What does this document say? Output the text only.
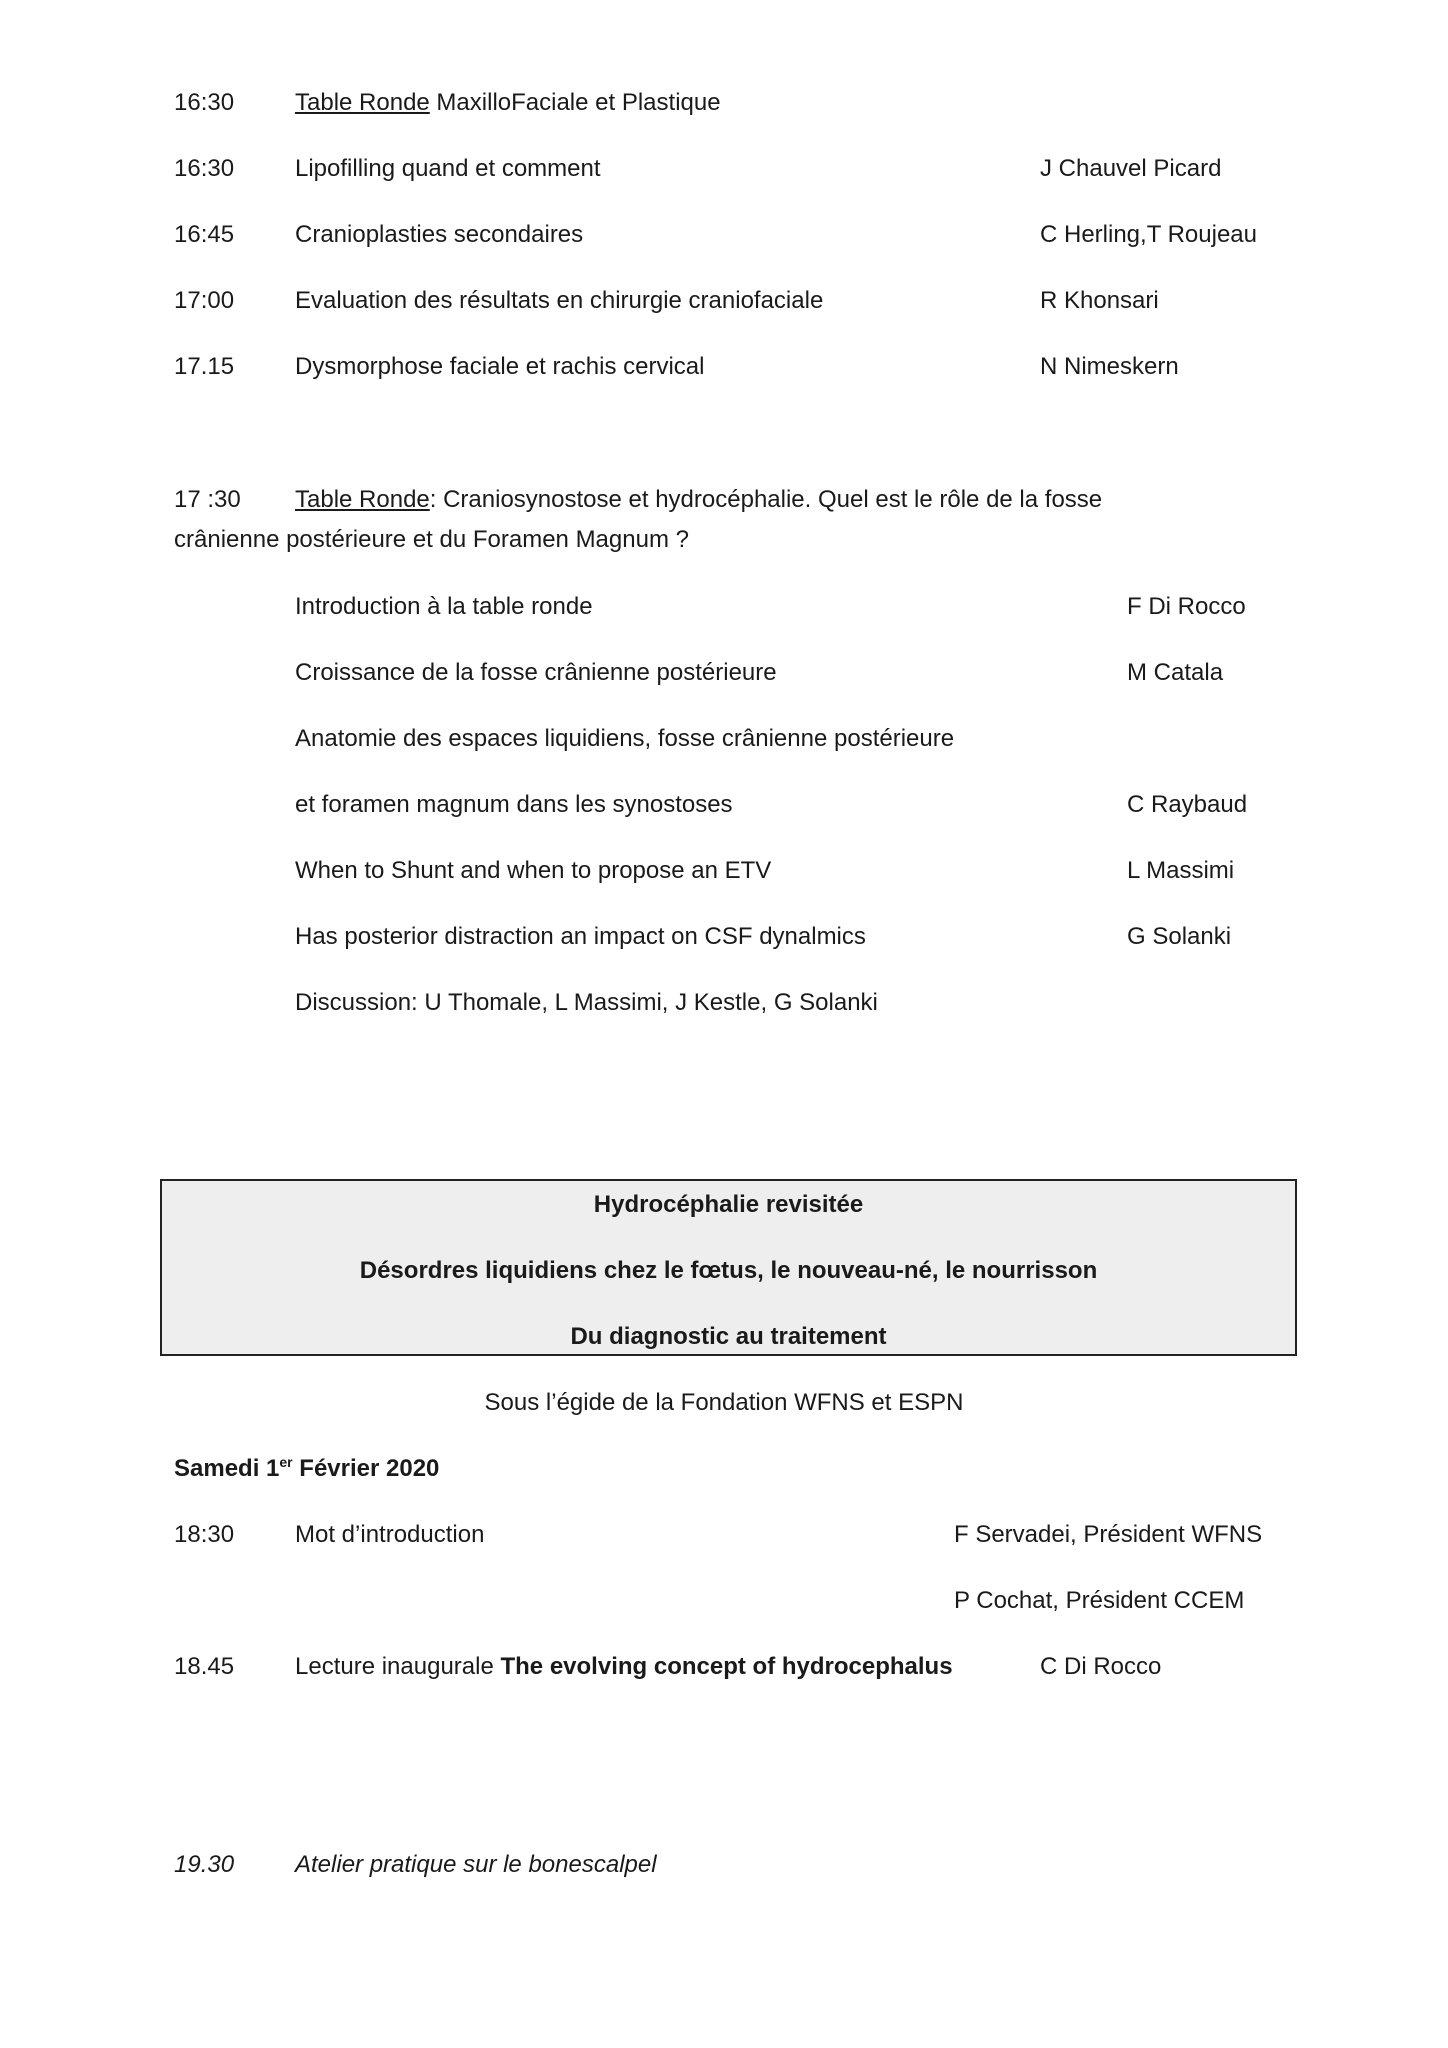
16:30	Table Ronde MaxilloFaciale et Plastique
16:30	Lipofilling quand et comment	J Chauvel Picard
16:45	Cranioplasties secondaires	C Herling,T Roujeau
17:00	Evaluation des résultats en chirurgie craniofaciale	R Khonsari
17.15	Dysmorphose faciale et rachis cervical	N Nimeskern
17 :30 Table Ronde: Craniosynostose et hydrocéphalie. Quel est le rôle de la fosse
crânienne postérieure et du Foramen Magnum ?
Introduction à la table ronde	F Di Rocco
Croissance de la fosse crânienne postérieure	M Catala
Anatomie des espaces liquidiens, fosse crânienne postérieure
et foramen magnum dans les synostoses	C Raybaud
When to Shunt and when to propose an ETV	L Massimi
Has posterior distraction an impact on CSF dynalmics	G Solanki
Discussion: U Thomale, L Massimi, J Kestle, G Solanki
Hydrocéphalie revisitée
Désordres liquidiens chez le fœtus, le nouveau-né, le nourrisson
Du diagnostic au traitement
Sous l’égide de la Fondation WFNS et ESPN
Samedi 1er Février 2020
18:30	Mot d’introduction	F Servadei, Président WFNS
P Cochat, Président CCEM
18.45	Lecture inaugurale The evolving concept of hydrocephalus	C Di Rocco
19.30	Atelier pratique sur le bonescalpel
